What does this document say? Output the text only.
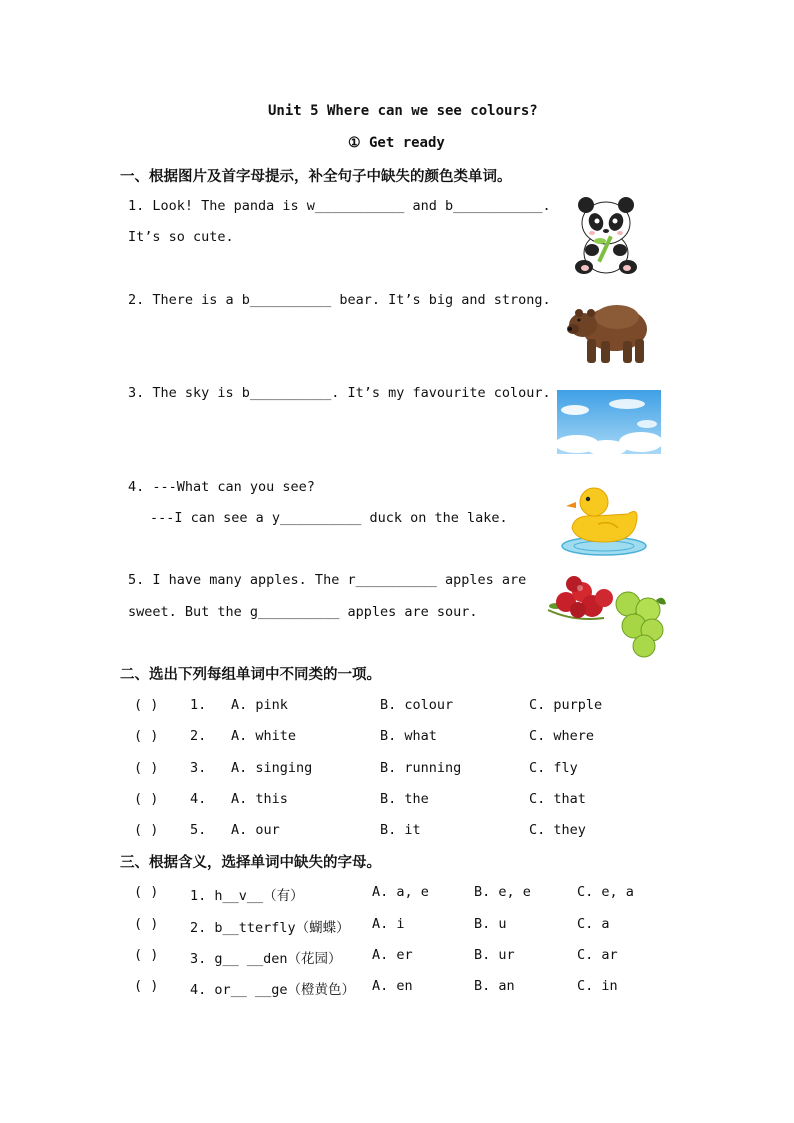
Unit 5 Where can we see colours?
① Get ready
一、根据图片及首字母提示，补全句子中缺失的颜色类单词。
1. Look! The panda is w___________ and b___________.
It’s so cute.
2. There is a b__________ bear. It’s big and strong.
3. The sky is b__________. It’s my favourite colour.
4. ---What can you see?
---I can see a y__________ duck on the lake.
5. I have many apples. The r__________ apples are
sweet. But the g__________ apples are sour.
二、选出下列每组单词中不同类的一项。
( ) 1. A. pink	B. colour	C. purple
( ) 2. A. white	B. what	C. where
( ) 3. A. singing	B. running	C. fly
( ) 4. A. this	B. the	C. that
( ) 5. A. our	B. it	C. they
三、根据含义，选择单词中缺失的字母。
( ) 1. h__v__（有）	A. a, e	B. e, e	C. e, a
( ) 2. b__tterfly（蝴蝶） A. i	B. u	C. a
( ) 3. g__ __den（花园） A. er	B. ur	C. ar
( ) 4. or__ __ge（橙黄色） A. en	B. an	C. in
